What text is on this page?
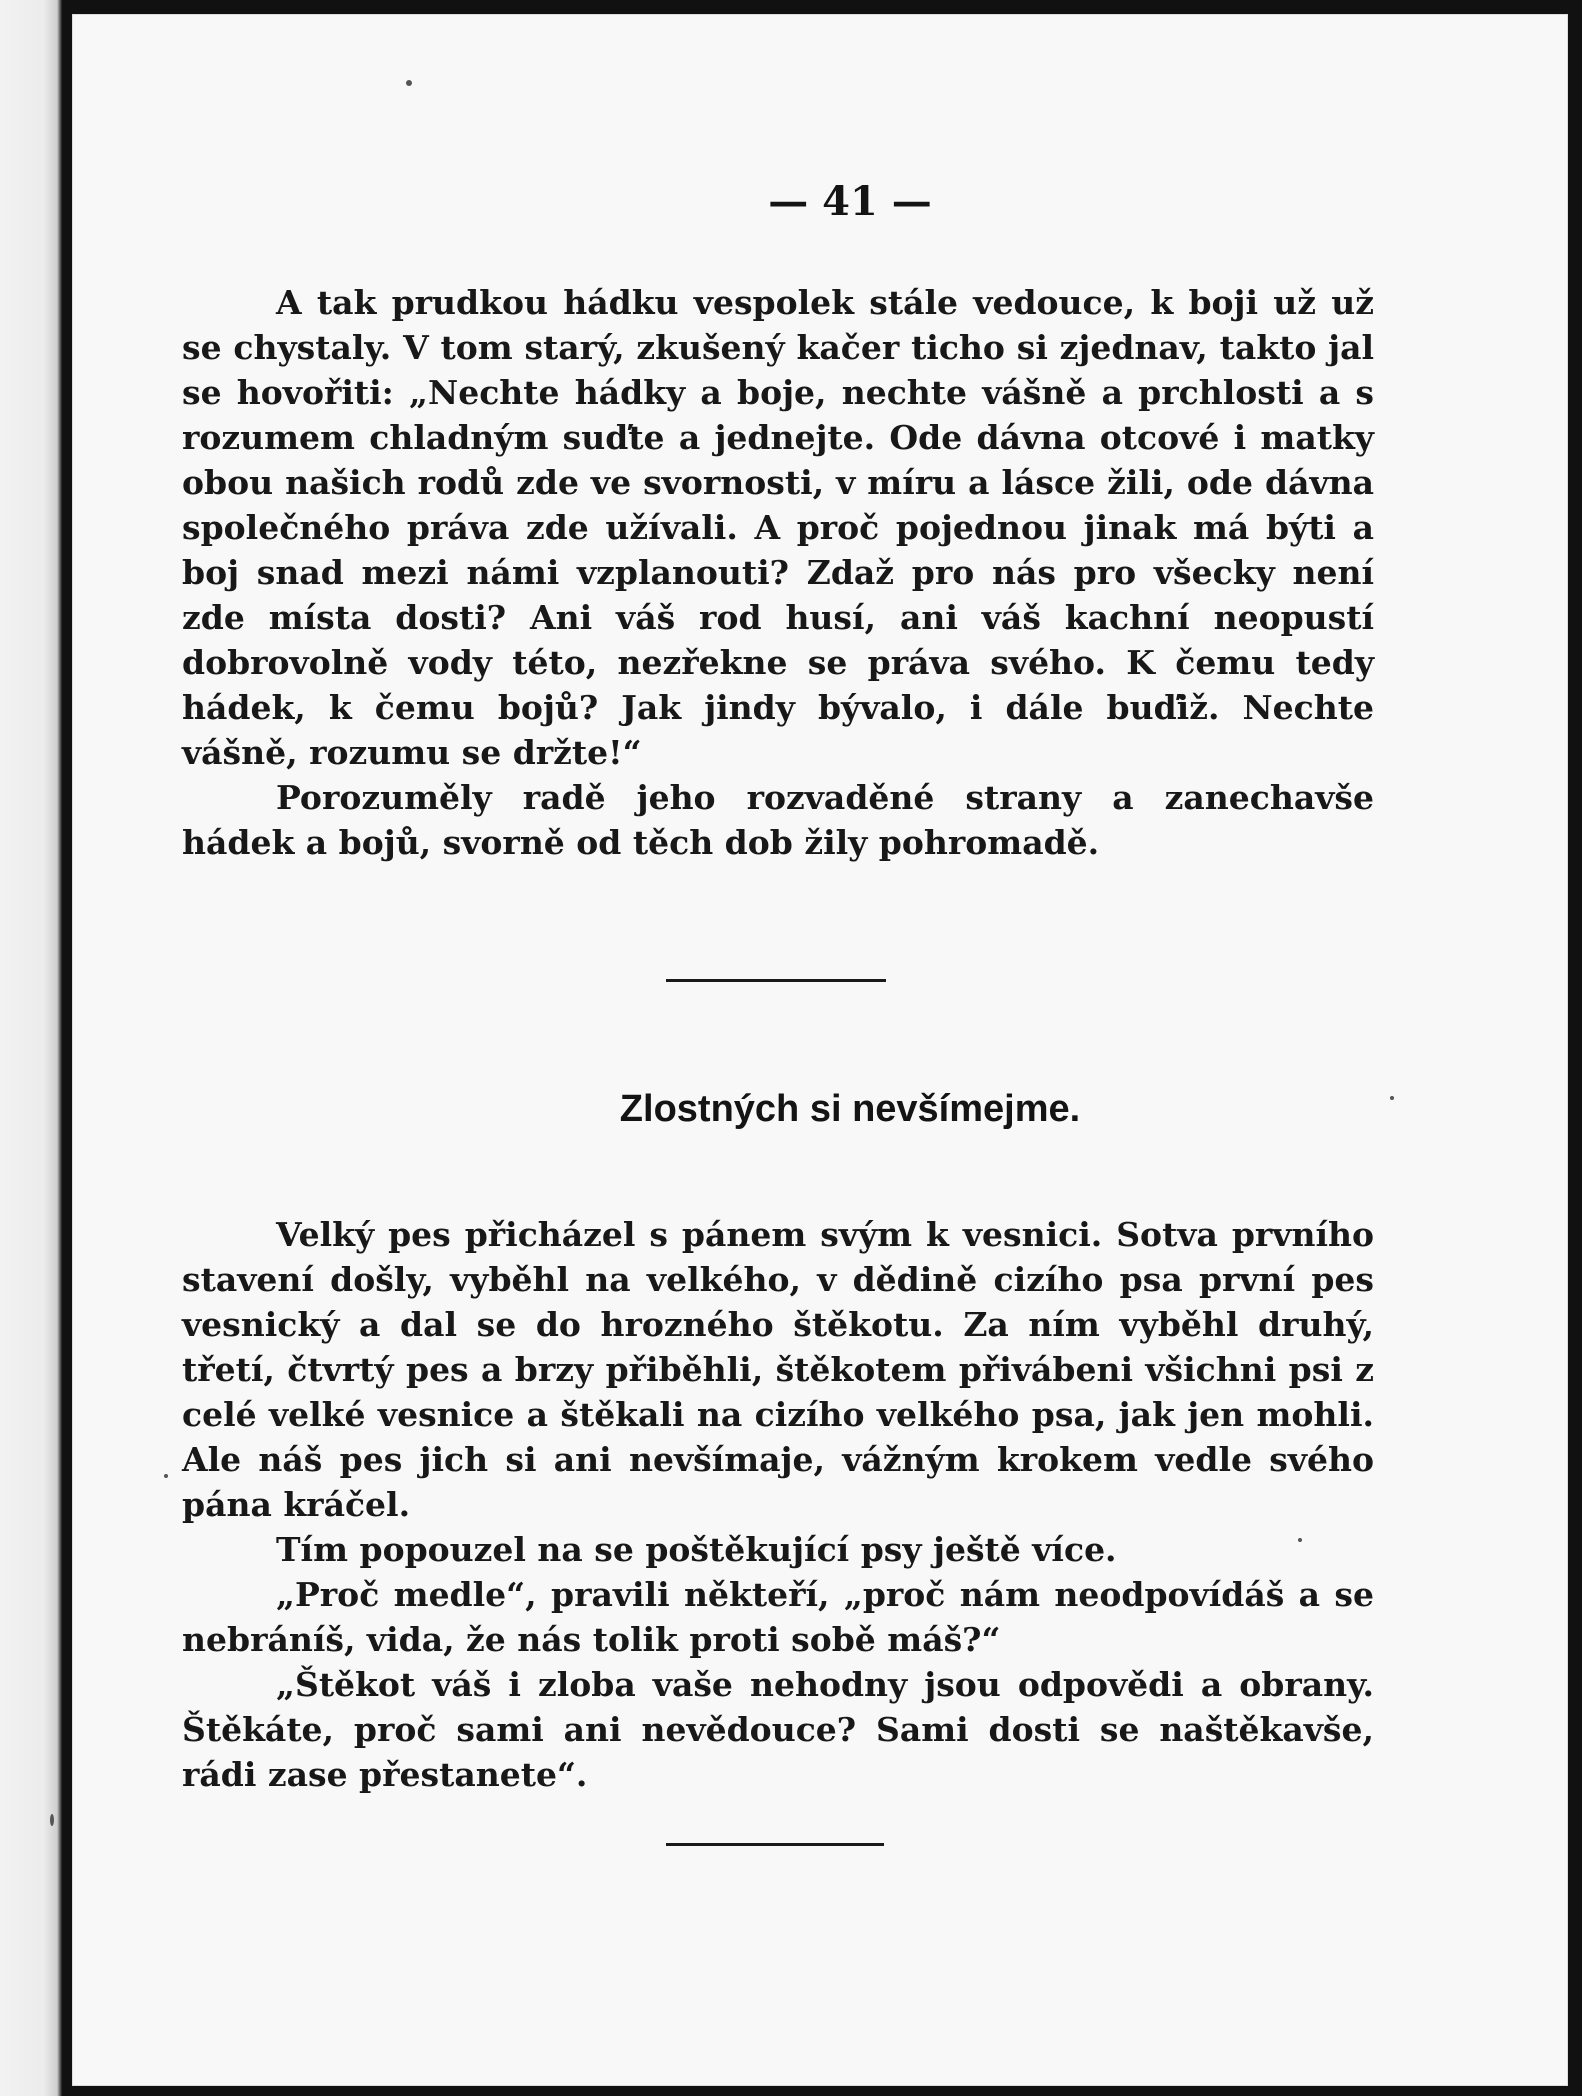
— 41 —

A tak prudkou hádku vespolek stále vedouce, k boji už už se chystaly. V tom starý, zkušený kačer ticho si zjednav, takto jal se hovořiti: „Nechte hádky a boje, nechte vášně a prchlosti a s rozumem chladným suďte a jednejte. Ode dávna otcové i matky obou našich rodů zde ve svornosti, v míru a lásce žili, ode dávna společného práva zde užívali. A proč pojednou jinak má býti a boj snad mezi námi vzplanouti? Zdaž pro nás pro všecky není zde místa dosti? Ani váš rod husí, ani váš kachní neopustí dobrovolně vody této, nezřekne se práva svého. K čemu tedy hádek, k čemu bojů? Jak jindy bývalo, i dále buďiž. Nechte vášně, rozumu se držte!“

Porozuměly radě jeho rozvaděné strany a zanechavše hádek a bojů, svorně od těch dob žily pohromadě.

Zlostných si nevšímejme.

Velký pes přicházel s pánem svým k vesnici. Sotva prvního stavení došly, vyběhl na velkého, v dědině cizího psa první pes vesnický a dal se do hrozného štěkotu. Za ním vyběhl druhý, třetí, čtvrtý pes a brzy přiběhli, štěkotem přivábeni všichni psi z celé velké vesnice a štěkali na cizího velkého psa, jak jen mohli. Ale náš pes jich si ani nevšímaje, vážným krokem vedle svého pána kráčel.

Tím popouzel na se poštěkující psy ještě více.

„Proč medle“, pravili někteří, „proč nám neodpovídáš a se nebráníš, vida, že nás tolik proti sobě máš?“

„Štěkot váš i zloba vaše nehodny jsou odpovědi a obrany. Štěkáte, proč sami ani nevědouce? Sami dosti se naštěkavše, rádi zase přestanete“.
